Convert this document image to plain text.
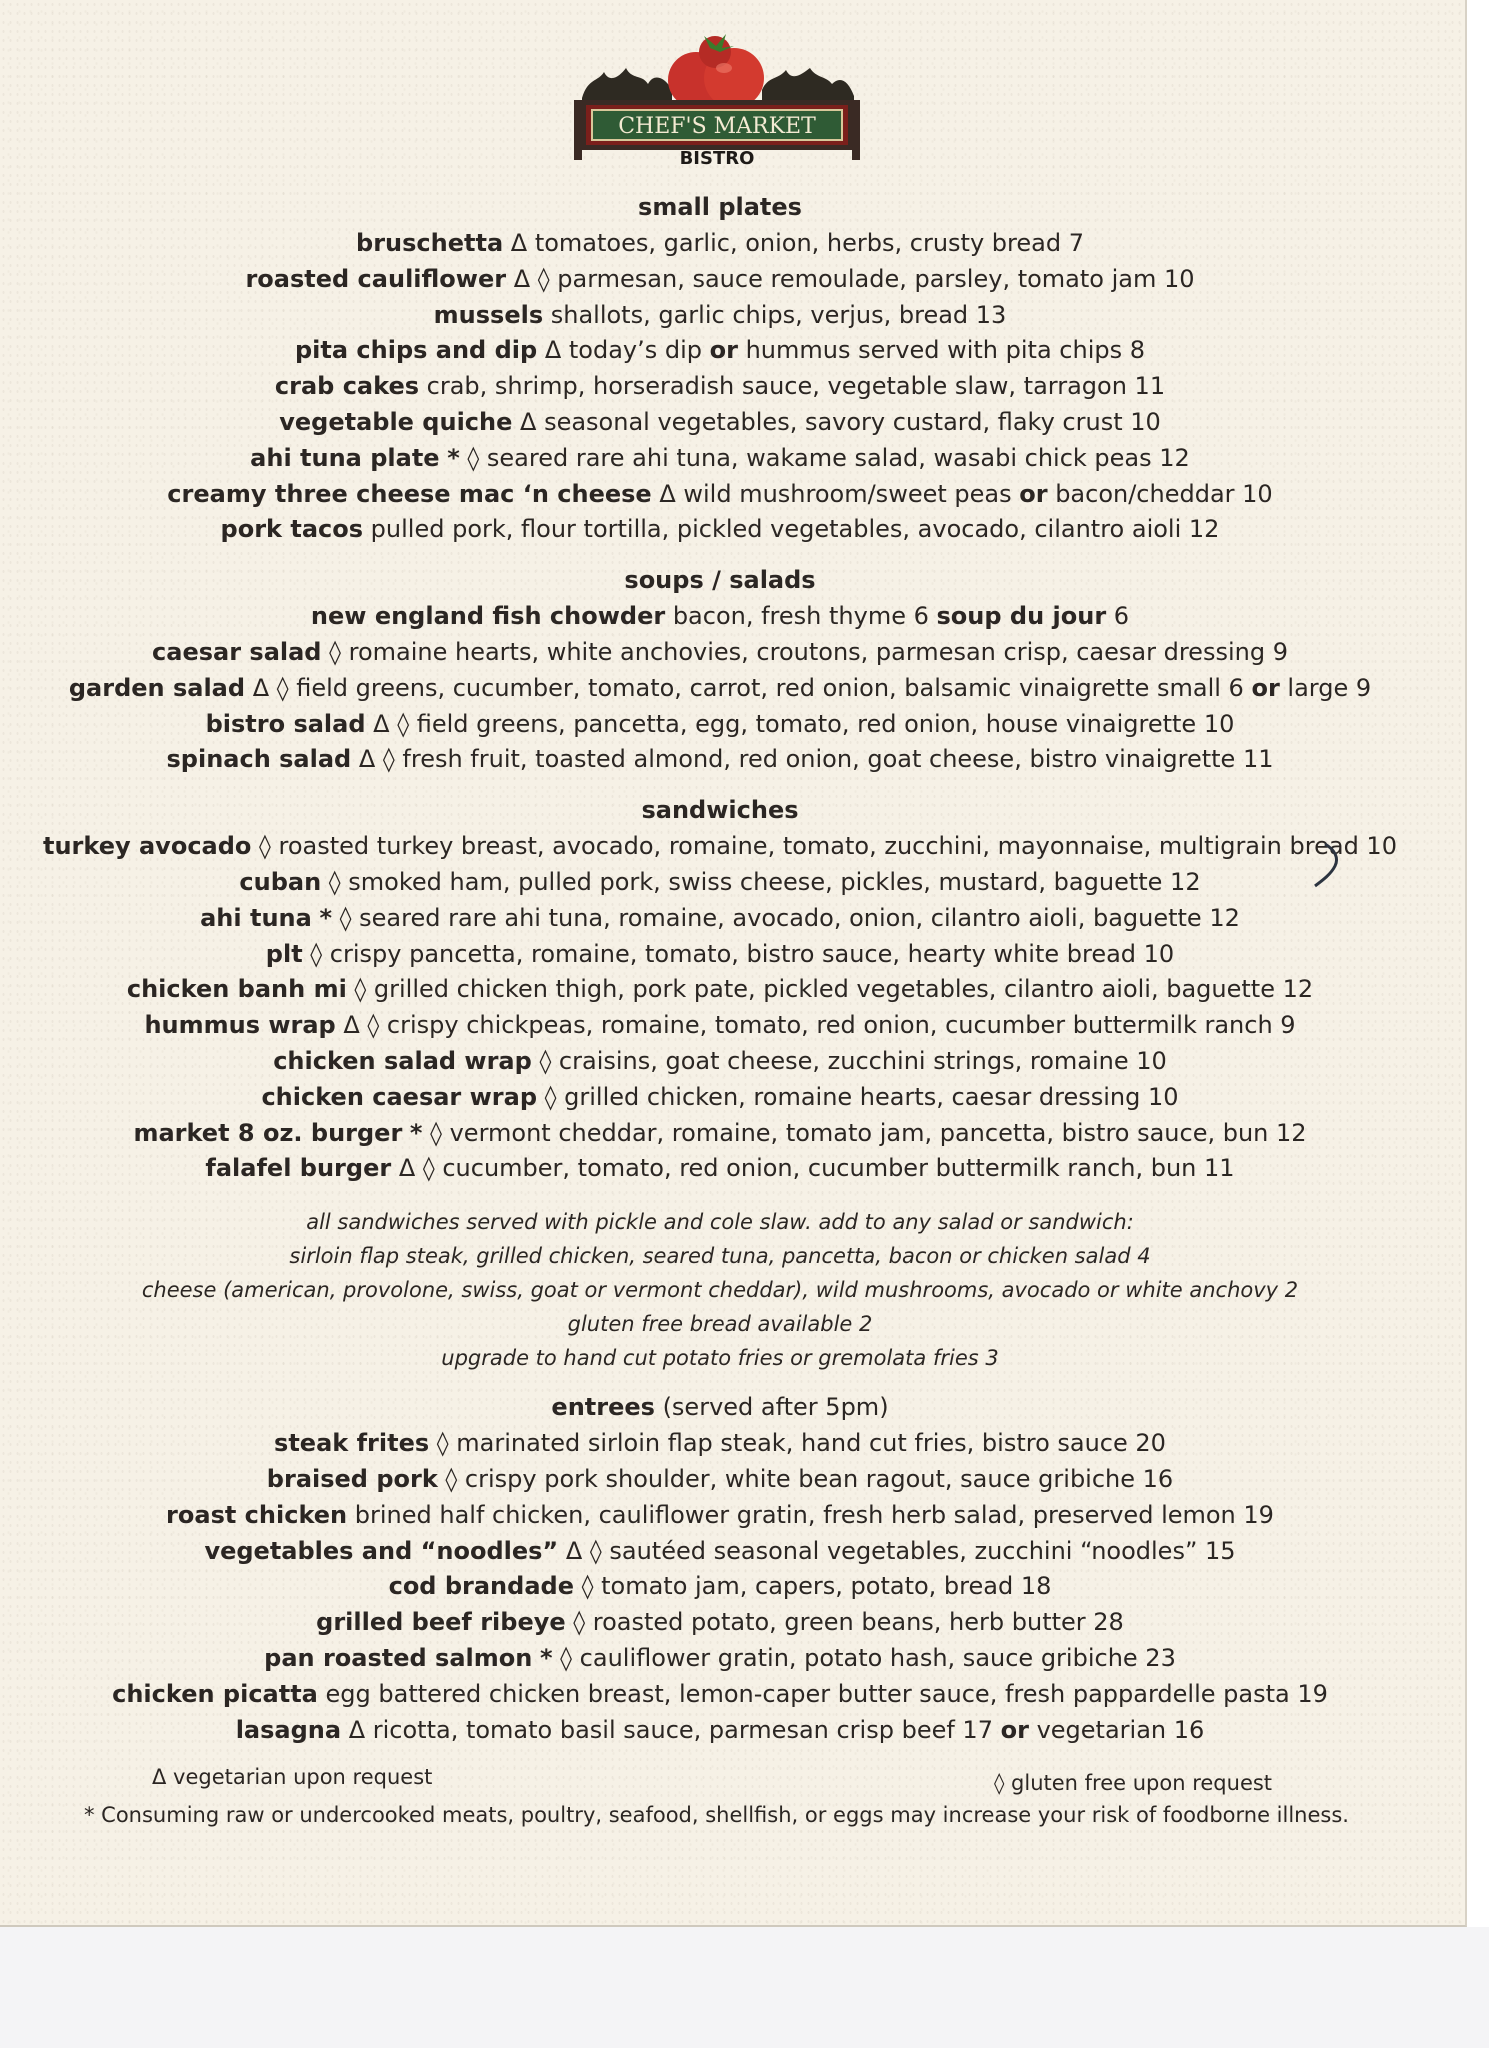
CHEF'S MARKET
BISTRO
small plates
bruschetta Δ tomatoes, garlic, onion, herbs, crusty bread 7
roasted cauliflower Δ ◊ parmesan, sauce remoulade, parsley, tomato jam 10
mussels shallots, garlic chips, verjus, bread 13
pita chips and dip Δ today’s dip or hummus served with pita chips 8
crab cakes crab, shrimp, horseradish sauce, vegetable slaw, tarragon 11
vegetable quiche Δ seasonal vegetables, savory custard, flaky crust 10
ahi tuna plate * ◊ seared rare ahi tuna, wakame salad, wasabi chick peas 12
creamy three cheese mac ‘n cheese Δ wild mushroom/sweet peas or bacon/cheddar 10
pork tacos pulled pork, flour tortilla, pickled vegetables, avocado, cilantro aioli 12
soups / salads
new england fish chowder bacon, fresh thyme 6 soup du jour 6
caesar salad ◊ romaine hearts, white anchovies, croutons, parmesan crisp, caesar dressing 9
garden salad Δ ◊ field greens, cucumber, tomato, carrot, red onion, balsamic vinaigrette small 6 or large 9
bistro salad Δ ◊ field greens, pancetta, egg, tomato, red onion, house vinaigrette 10
spinach salad Δ ◊ fresh fruit, toasted almond, red onion, goat cheese, bistro vinaigrette 11
sandwiches
turkey avocado ◊ roasted turkey breast, avocado, romaine, tomato, zucchini, mayonnaise, multigrain bread 10
cuban ◊ smoked ham, pulled pork, swiss cheese, pickles, mustard, baguette 12
ahi tuna * ◊ seared rare ahi tuna, romaine, avocado, onion, cilantro aioli, baguette 12
plt ◊ crispy pancetta, romaine, tomato, bistro sauce, hearty white bread 10
chicken banh mi ◊ grilled chicken thigh, pork pate, pickled vegetables, cilantro aioli, baguette 12
hummus wrap Δ ◊ crispy chickpeas, romaine, tomato, red onion, cucumber buttermilk ranch 9
chicken salad wrap ◊ craisins, goat cheese, zucchini strings, romaine 10
chicken caesar wrap ◊ grilled chicken, romaine hearts, caesar dressing 10
market 8 oz. burger * ◊ vermont cheddar, romaine, tomato jam, pancetta, bistro sauce, bun 12
falafel burger Δ ◊ cucumber, tomato, red onion, cucumber buttermilk ranch, bun 11
all sandwiches served with pickle and cole slaw. add to any salad or sandwich:
sirloin flap steak, grilled chicken, seared tuna, pancetta, bacon or chicken salad 4
cheese (american, provolone, swiss, goat or vermont cheddar), wild mushrooms, avocado or white anchovy 2
gluten free bread available 2
upgrade to hand cut potato fries or gremolata fries 3
entrees (served after 5pm)
steak frites ◊ marinated sirloin flap steak, hand cut fries, bistro sauce 20
braised pork ◊ crispy pork shoulder, white bean ragout, sauce gribiche 16
roast chicken brined half chicken, cauliflower gratin, fresh herb salad, preserved lemon 19
vegetables and “noodles” Δ ◊ sautéed seasonal vegetables, zucchini “noodles” 15
cod brandade ◊ tomato jam, capers, potato, bread 18
grilled beef ribeye ◊ roasted potato, green beans, herb butter 28
pan roasted salmon * ◊ cauliflower gratin, potato hash, sauce gribiche 23
chicken picatta egg battered chicken breast, lemon-caper butter sauce, fresh pappardelle pasta 19
lasagna Δ ricotta, tomato basil sauce, parmesan crisp beef 17 or vegetarian 16
Δ vegetarian upon request	◊ gluten free upon request
* Consuming raw or undercooked meats, poultry, seafood, shellfish, or eggs may increase your risk of foodborne illness.
